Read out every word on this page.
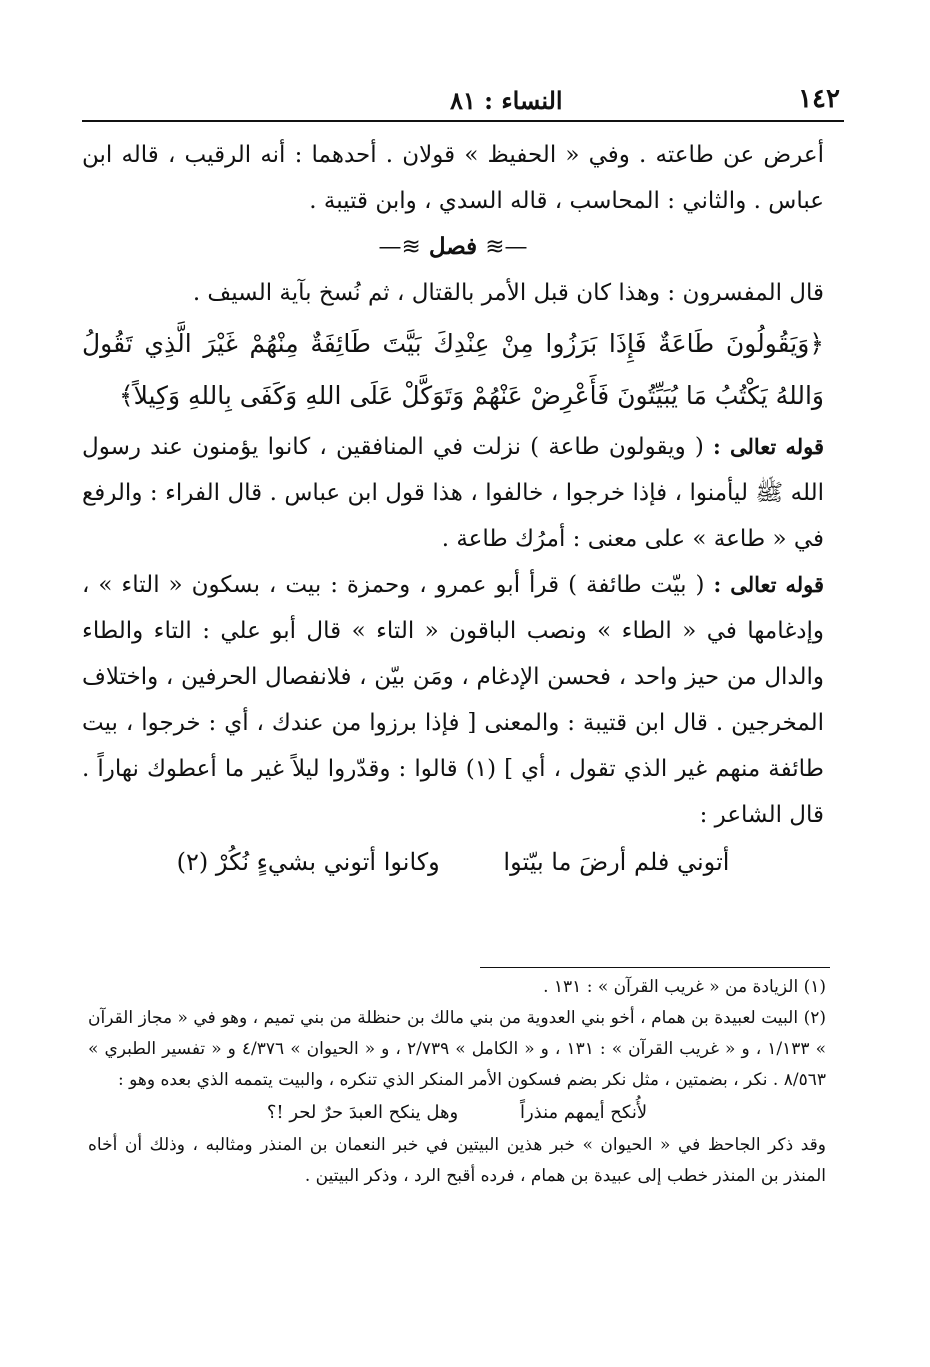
١٤٢
النساء : ٨١

أعرض عن طاعته . وفي « الحفيظ » قولان . أحدهما : أنه الرقيب ، قاله ابن عباس . والثاني : المحاسب ، قاله السدي ، وابن قتيبة .

—≋ فصل ≋—

قال المفسرون : وهذا كان قبل الأمر بالقتال ، ثم نُسخ بآية السيف .

﴿وَيَقُولُونَ طَاعَةٌ فَإِذَا بَرَزُوا مِنْ عِنْدِكَ بَيَّتَ طَائِفَةٌ مِنْهُمْ غَيْرَ الَّذِي تَقُولُ وَاللهُ يَكْتُبُ مَا يُبَيِّتُونَ فَأَعْرِضْ عَنْهُمْ وَتَوَكَّلْ عَلَى اللهِ وَكَفَى بِاللهِ وَكِيلاً﴾

قوله تعالى : ( ويقولون طاعة ) نزلت في المنافقين ، كانوا يؤمنون عند رسول الله ﷺ ليأمنوا ، فإذا خرجوا ، خالفوا ، هذا قول ابن عباس . قال الفراء : والرفع في « طاعة » على معنى : أمرُك طاعة .

قوله تعالى : ( بيّت طائفة ) قرأ أبو عمرو ، وحمزة : بيت ، بسكون « التاء » ، وإدغامها في « الطاء » ونصب الباقون « التاء » قال أبو علي : التاء والطاء والدال من حيز واحد ، فحسن الإدغام ، ومَن بيّن ، فلانفصال الحرفين ، واختلاف المخرجين . قال ابن قتيبة : والمعنى [ فإذا برزوا من عندك ، أي : خرجوا ، بيت طائفة منهم غير الذي تقول ، أي ] (١) قالوا : وقدّروا ليلاً غير ما أعطوك نهاراً . قال الشاعر :

أتوني فلم أرضَ ما بيّتوا وكانوا أتوني بشيءٍ نُكُرْ (٢)

(١) الزيادة من « غريب القرآن » : ١٣١ .

(٢) البيت لعبيدة بن همام ، أخو بني العدوية من بني مالك بن حنظلة من بني تميم ، وهو في « مجاز القرآن » ١/١٣٣ ، و « غريب القرآن » : ١٣١ ، و « الكامل » ٢/٧٣٩ ، و « الحيوان » ٤/٣٧٦ و « تفسير الطبري » ٨/٥٦٣ . نكر ، بضمتين ، مثل نكر بضم فسكون الأمر المنكر الذي تنكره ، والبيت يتممه الذي بعده وهو :

لأُنكح أيمهم منذراً وهل ينكح العبدَ حرٌ لحر !؟

وقد ذكر الجاحظ في « الحيوان » خبر هذين البيتين في خبر النعمان بن المنذر ومثالبه ، وذلك أن أخاه المنذر بن المنذر خطب إلى عبيدة بن همام ، فرده أقبح الرد ، وذكر البيتين .
